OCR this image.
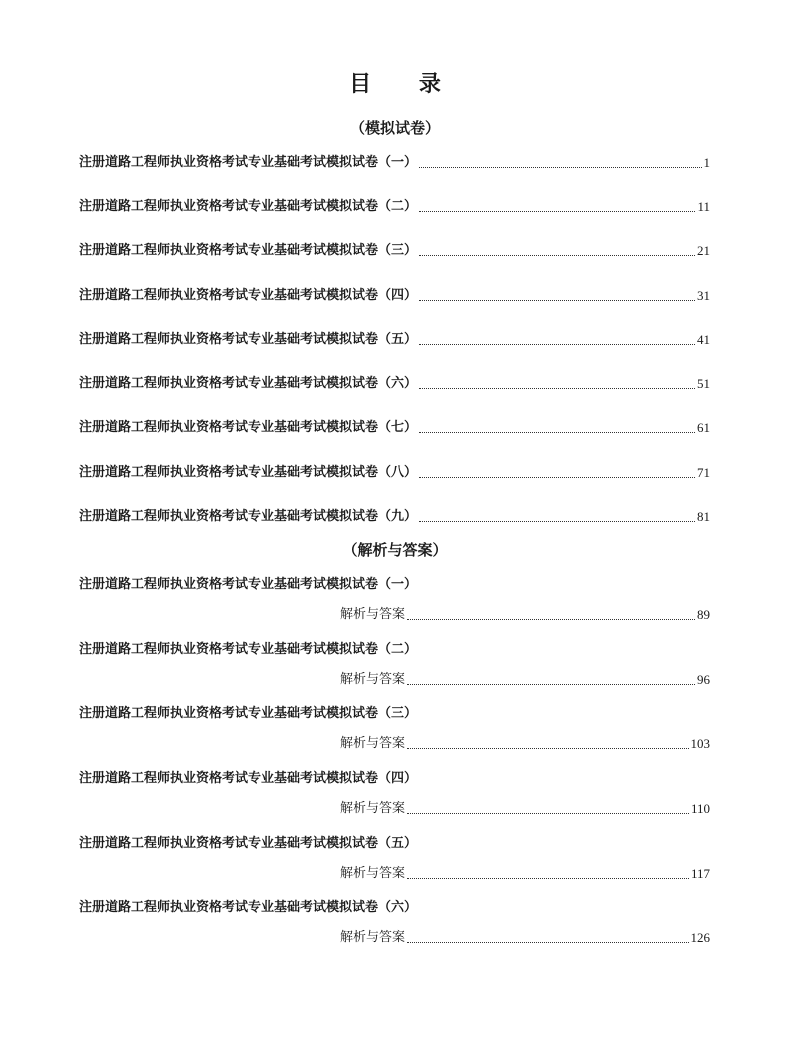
目 录
（模拟试卷）
注册道路工程师执业资格考试专业基础考试模拟试卷（一）	1
注册道路工程师执业资格考试专业基础考试模拟试卷（二）	11
注册道路工程师执业资格考试专业基础考试模拟试卷（三）	21
注册道路工程师执业资格考试专业基础考试模拟试卷（四）	31
注册道路工程师执业资格考试专业基础考试模拟试卷（五）	41
注册道路工程师执业资格考试专业基础考试模拟试卷（六）	51
注册道路工程师执业资格考试专业基础考试模拟试卷（七）	61
注册道路工程师执业资格考试专业基础考试模拟试卷（八）	71
注册道路工程师执业资格考试专业基础考试模拟试卷（九）	81
（解析与答案）
注册道路工程师执业资格考试专业基础考试模拟试卷（一）
解析与答案	89
注册道路工程师执业资格考试专业基础考试模拟试卷（二）
解析与答案	96
注册道路工程师执业资格考试专业基础考试模拟试卷（三）
解析与答案	103
注册道路工程师执业资格考试专业基础考试模拟试卷（四）
解析与答案	110
注册道路工程师执业资格考试专业基础考试模拟试卷（五）
解析与答案	117
注册道路工程师执业资格考试专业基础考试模拟试卷（六）
解析与答案	126
